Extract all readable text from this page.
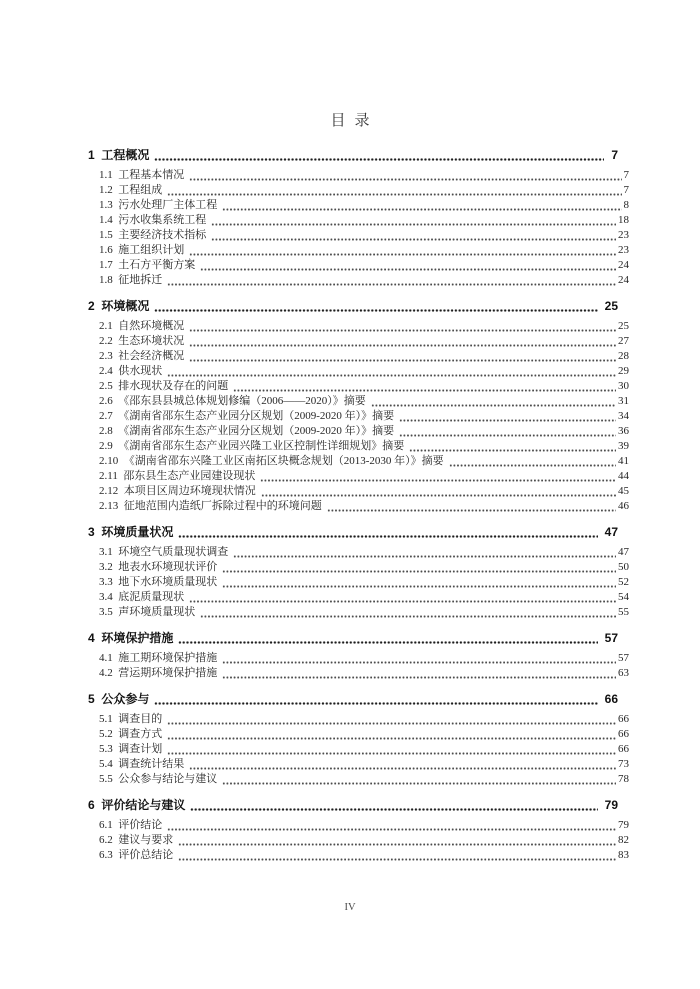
目录
1  工程概况	7
1.1  工程基本情况	7
1.2  工程组成	7
1.3  污水处理厂主体工程	8
1.4  污水收集系统工程	18
1.5  主要经济技术指标	23
1.6  施工组织计划	23
1.7  土石方平衡方案	24
1.8  征地拆迁	24
2  环境概况	25
2.1  自然环境概况	25
2.2  生态环境状况	27
2.3  社会经济概况	28
2.4  供水现状	29
2.5  排水现状及存在的问题	30
2.6  《邵东县县城总体规划修编（2006——2020）》摘要	31
2.7  《湖南省邵东生态产业园分区规划（2009-2020 年）》摘要	34
2.8  《湖南省邵东生态产业园分区规划（2009-2020 年）》摘要	36
2.9  《湖南省邵东生态产业园兴隆工业区控制性详细规划》摘要	39
2.10  《湖南省邵东兴隆工业区南拓区块概念规划（2013-2030 年）》摘要	41
2.11  邵东县生态产业园建设现状	44
2.12  本项目区周边环境现状情况	45
2.13  征地范围内造纸厂拆除过程中的环境问题	46
3  环境质量状况	47
3.1  环境空气质量现状调查	47
3.2  地表水环境现状评价	50
3.3  地下水环境质量现状	52
3.4  底泥质量现状	54
3.5  声环境质量现状	55
4  环境保护措施	57
4.1  施工期环境保护措施	57
4.2  营运期环境保护措施	63
5  公众参与	66
5.1  调查目的	66
5.2  调查方式	66
5.3  调查计划	66
5.4  调查统计结果	73
5.5  公众参与结论与建议	78
6  评价结论与建议	79
6.1  评价结论	79
6.2  建议与要求	82
6.3  评价总结论	83
IV
